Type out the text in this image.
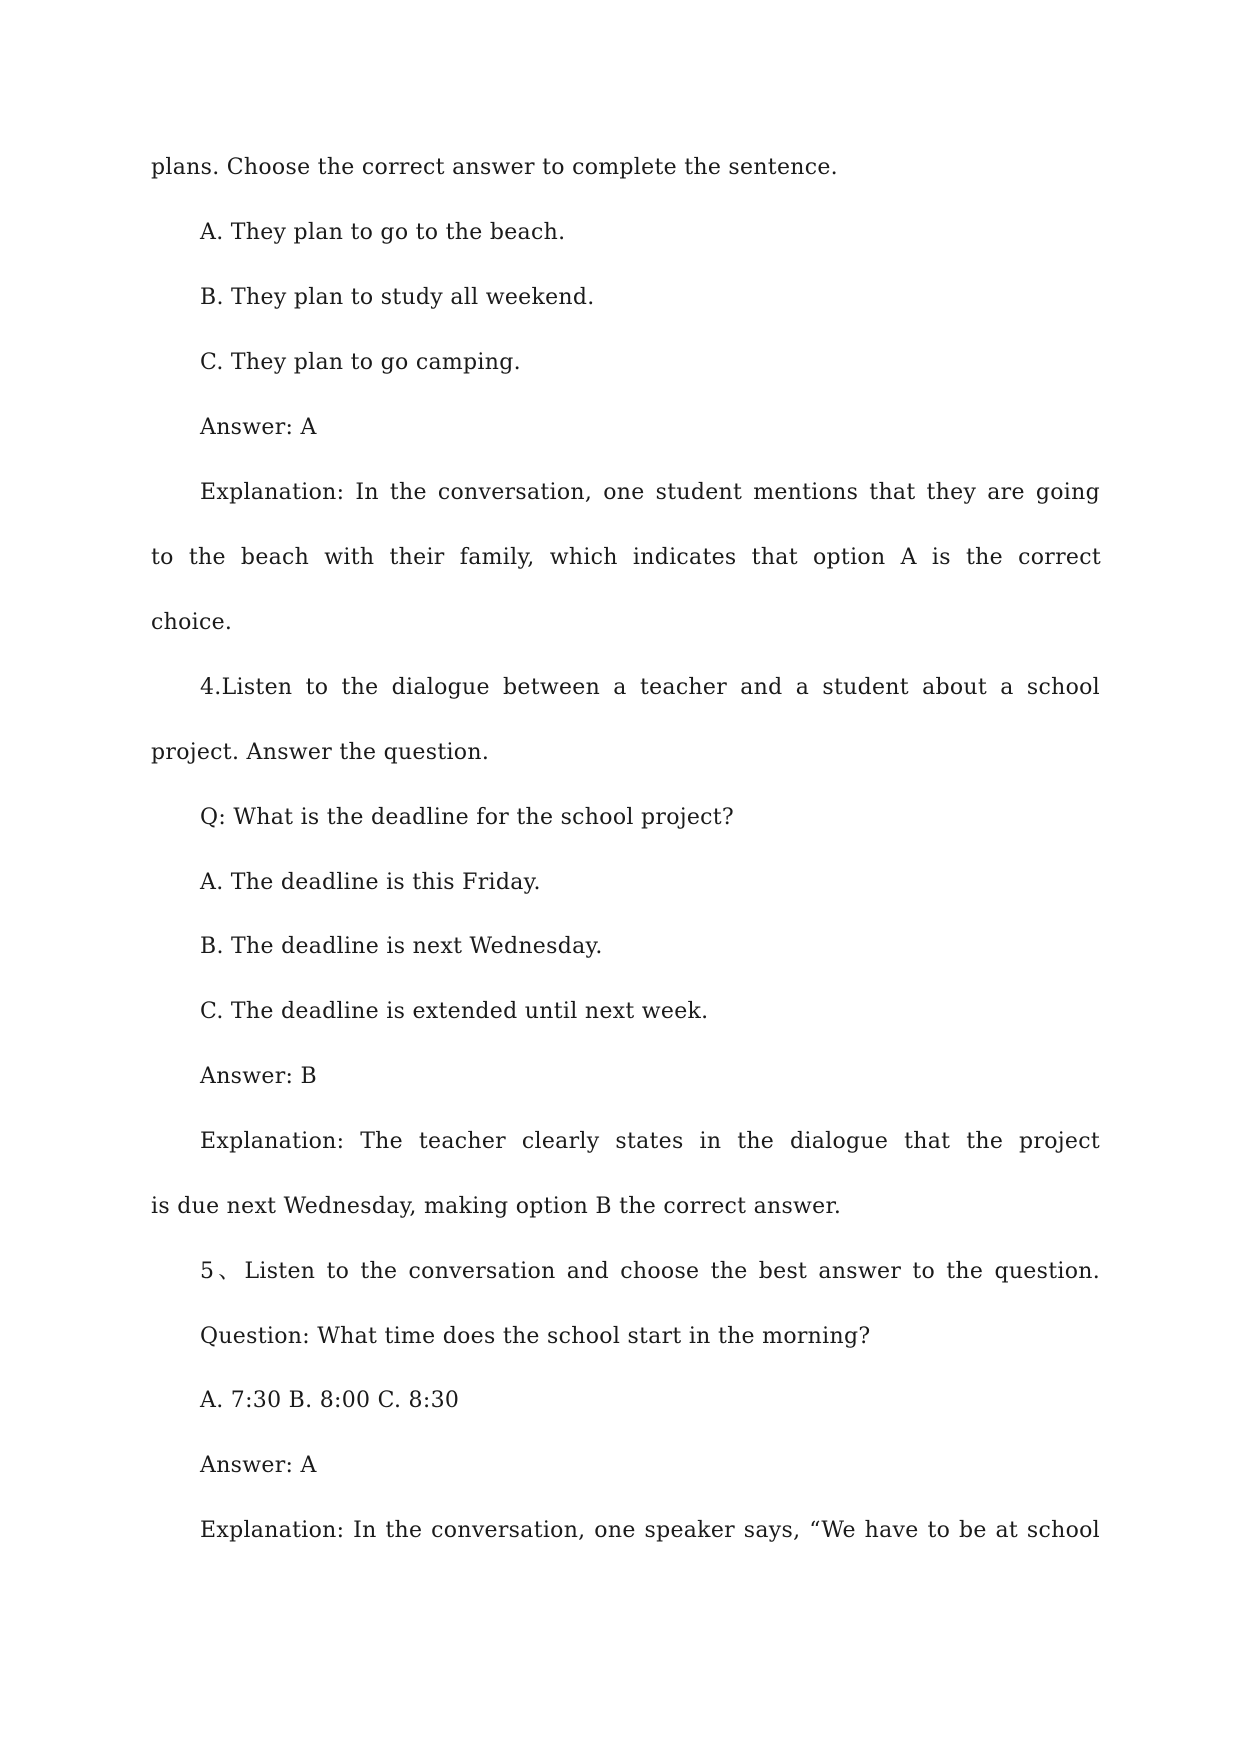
plans. Choose the correct answer to complete the sentence.
A. They plan to go to the beach.
B. They plan to study all weekend.
C. They plan to go camping.
Answer: A
Explanation: In the conversation, one student mentions that they are going
to the beach with their family, which indicates that option A is the correct
choice.
4.Listen to the dialogue between a teacher and a student about a school
project. Answer the question.
Q: What is the deadline for the school project?
A. The deadline is this Friday.
B. The deadline is next Wednesday.
C. The deadline is extended until next week.
Answer: B
Explanation: The teacher clearly states in the dialogue that the project
is due next Wednesday, making option B the correct answer.
5、Listen to the conversation and choose the best answer to the question.
Question: What time does the school start in the morning?
A. 7:30 B. 8:00 C. 8:30
Answer: A
Explanation: In the conversation, one speaker says, “We have to be at school
